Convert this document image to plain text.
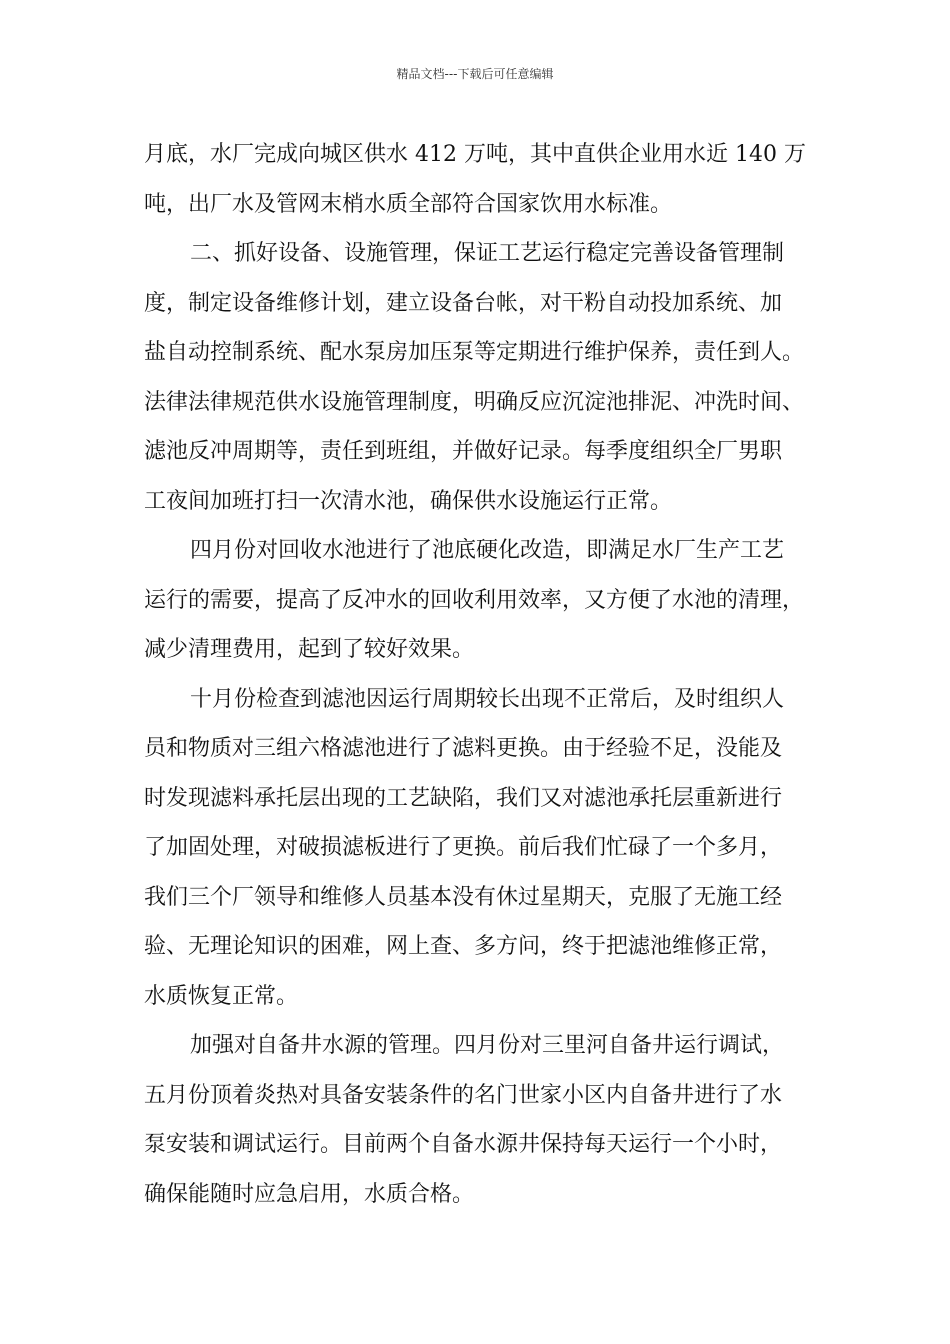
精品文档---下载后可任意编辑
月底，水厂完成向城区供水 412 万吨，其中直供企业用水近 140 万
吨，出厂水及管网末梢水质全部符合国家饮用水标准。
二、抓好设备、设施管理，保证工艺运行稳定完善设备管理制
度，制定设备维修计划，建立设备台帐，对干粉自动投加系统、加
盐自动控制系统、配水泵房加压泵等定期进行维护保养，责任到人。
法律法律规范供水设施管理制度，明确反应沉淀池排泥、冲洗时间、
滤池反冲周期等，责任到班组，并做好记录。每季度组织全厂男职
工夜间加班打扫一次清水池，确保供水设施运行正常。
四月份对回收水池进行了池底硬化改造，即满足水厂生产工艺
运行的需要，提高了反冲水的回收利用效率，又方便了水池的清理，
减少清理费用，起到了较好效果。
十月份检查到滤池因运行周期较长出现不正常后，及时组织人
员和物质对三组六格滤池进行了滤料更换。由于经验不足，没能及
时发现滤料承托层出现的工艺缺陷，我们又对滤池承托层重新进行
了加固处理，对破损滤板进行了更换。前后我们忙碌了一个多月，
我们三个厂领导和维修人员基本没有休过星期天，克服了无施工经
验、无理论知识的困难，网上查、多方问，终于把滤池维修正常，
水质恢复正常。
加强对自备井水源的管理。四月份对三里河自备井运行调试，
五月份顶着炎热对具备安装条件的名门世家小区内自备井进行了水
泵安装和调试运行。目前两个自备水源井保持每天运行一个小时，
确保能随时应急启用，水质合格。
